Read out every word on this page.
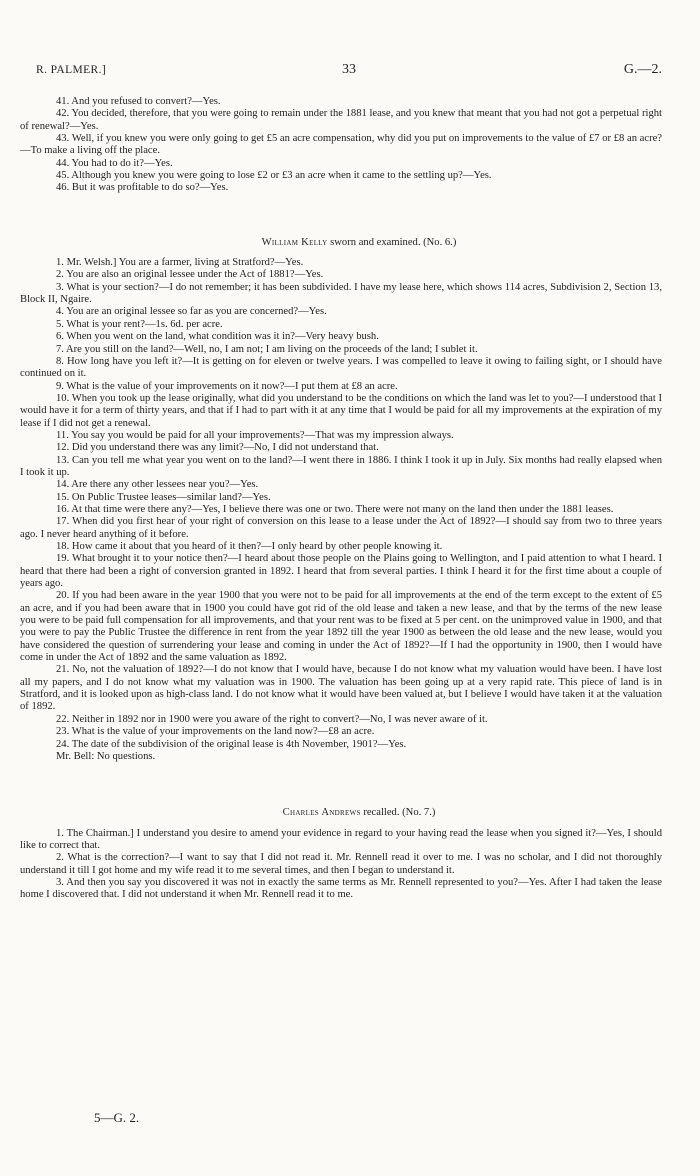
R. PALMER.]	33	G.—2.

41. And you refused to convert?—Yes.

42. You decided, therefore, that you were going to remain under the 1881 lease, and you knew that meant that you had not got a perpetual right of renewal?—Yes.

43. Well, if you knew you were only going to get £5 an acre compensation, why did you put on improvements to the value of £7 or £8 an acre?—To make a living off the place.

44. You had to do it?—Yes.

45. Although you knew you were going to lose £2 or £3 an acre when it came to the settling up?—Yes.

46. But it was profitable to do so?—Yes.

William Kelly sworn and examined. (No. 6.)

1. Mr. Welsh.] You are a farmer, living at Stratford?—Yes.

2. You are also an original lessee under the Act of 1881?—Yes.

3. What is your section?—I do not remember; it has been subdivided. I have my lease here, which shows 114 acres, Subdivision 2, Section 13, Block II, Ngaire.

4. You are an original lessee so far as you are concerned?—Yes.

5. What is your rent?—1s. 6d. per acre.

6. When you went on the land, what condition was it in?—Very heavy bush.

7. Are you still on the land?—Well, no, I am not; I am living on the proceeds of the land; I sublet it.

8. How long have you left it?—It is getting on for eleven or twelve years. I was compelled to leave it owing to failing sight, or I should have continued on it.

9. What is the value of your improvements on it now?—I put them at £8 an acre.

10. When you took up the lease originally, what did you understand to be the conditions on which the land was let to you?—I understood that I would have it for a term of thirty years, and that if I had to part with it at any time that I would be paid for all my improvements at the expiration of my lease if I did not get a renewal.

11. You say you would be paid for all your improvements?—That was my impression always.

12. Did you understand there was any limit?—No, I did not understand that.

13. Can you tell me what year you went on to the land?—I went there in 1886. I think I took it up in July. Six months had really elapsed when I took it up.

14. Are there any other lessees near you?—Yes.

15. On Public Trustee leases—similar land?—Yes.

16. At that time were there any?—Yes, I believe there was one or two. There were not many on the land then under the 1881 leases.

17. When did you first hear of your right of conversion on this lease to a lease under the Act of 1892?—I should say from two to three years ago. I never heard anything of it before.

18. How came it about that you heard of it then?—I only heard by other people knowing it.

19. What brought it to your notice then?—I heard about those people on the Plains going to Wellington, and I paid attention to what I heard. I heard that there had been a right of conversion granted in 1892. I heard that from several parties. I think I heard it for the first time about a couple of years ago.

20. If you had been aware in the year 1900 that you were not to be paid for all improvements at the end of the term except to the extent of £5 an acre, and if you had been aware that in 1900 you could have got rid of the old lease and taken a new lease, and that by the terms of the new lease you were to be paid full compensation for all improvements, and that your rent was to be fixed at 5 per cent. on the unimproved value in 1900, and that you were to pay the Public Trustee the difference in rent from the year 1892 till the year 1900 as between the old lease and the new lease, would you have considered the question of surrendering your lease and coming in under the Act of 1892?—If I had the opportunity in 1900, then I would have come in under the Act of 1892 and the same valuation as 1892.

21. No, not the valuation of 1892?—I do not know that I would have, because I do not know what my valuation would have been. I have lost all my papers, and I do not know what my valuation was in 1900. The valuation has been going up at a very rapid rate. This piece of land is in Stratford, and it is looked upon as high-class land. I do not know what it would have been valued at, but I believe I would have taken it at the valuation of 1892.

22. Neither in 1892 nor in 1900 were you aware of the right to convert?—No, I was never aware of it.

23. What is the value of your improvements on the land now?—£8 an acre.

24. The date of the subdivision of the original lease is 4th November, 1901?—Yes.

Mr. Bell: No questions.

Charles Andrews recalled. (No. 7.)

1. The Chairman.] I understand you desire to amend your evidence in regard to your having read the lease when you signed it?—Yes, I should like to correct that.

2. What is the correction?—I want to say that I did not read it. Mr. Rennell read it over to me. I was no scholar, and I did not thoroughly understand it till I got home and my wife read it to me several times, and then I began to understand it.

3. And then you say you discovered it was not in exactly the same terms as Mr. Rennell represented to you?—Yes. After I had taken the lease home I discovered that. I did not understand it when Mr. Rennell read it to me.

5—G. 2.
